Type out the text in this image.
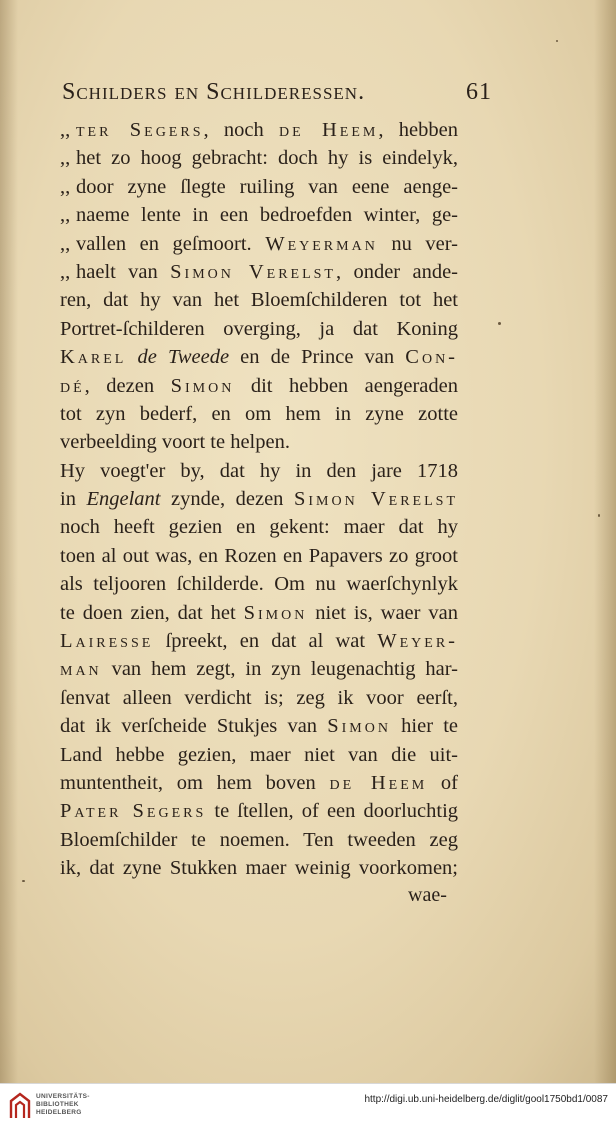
Schilders en Schilderessen.	61
,, ter Segers, noch de Heem, hebben
,, het zo hoog gebracht: doch hy is eindelyk,
,, door zyne ſlegte ruiling van eene aenge-
,, naeme lente in een bedroefden winter, ge-
,, vallen en geſmoort. Weyerman nu ver-
,, haelt van Simon Verelst, onder ande-
ren, dat hy van het Bloemſchilderen tot het
Portret-ſchilderen overging, ja dat Koning
Karel de Tweede en de Prince van Con-
dé, dezen Simon dit hebben aengeraden
tot zyn bederf, en om hem in zyne zotte
verbeelding voort te helpen.
Hy voegt'er by, dat hy in den jare 1718
in Engelant zynde, dezen Simon Verelst
noch heeft gezien en gekent: maer dat hy
toen al out was, en Rozen en Papavers zo groot
als teljooren ſchilderde. Om nu waerſchynlyk
te doen zien, dat het Simon niet is, waer van
Lairesse ſpreekt, en dat al wat Weyer-
man van hem zegt, in zyn leugenachtig har-
ſenvat alleen verdicht is; zeg ik voor eerſt,
dat ik verſcheide Stukjes van Simon hier te
Land hebbe gezien, maer niet van die uit-
muntentheit, om hem boven de Heem of
Pater Segers te ſtellen, of een doorluchtig
Bloemſchilder te noemen. Ten tweeden zeg
ik, dat zyne Stukken maer weinig voorkomen;
wae-
UNIVERSITÄTS-
BIBLIOTHEK
HEIDELBERG
http://digi.ub.uni-heidelberg.de/diglit/gool1750bd1/0087
